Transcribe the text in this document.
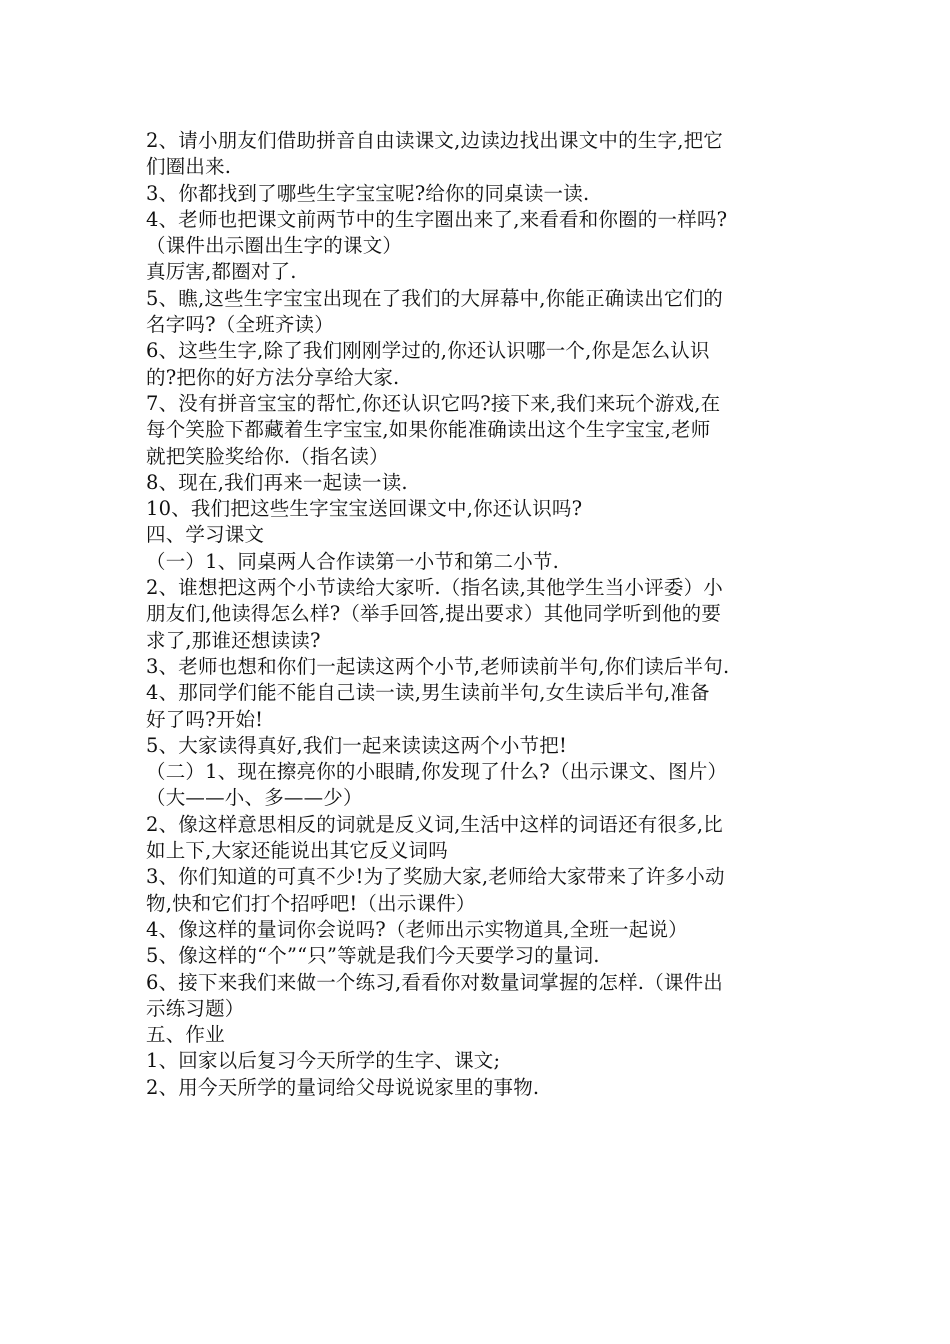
2、请小朋友们借助拼音自由读课文,边读边找出课文中的生字,把它
们圈出来.
3、你都找到了哪些生字宝宝呢?给你的同桌读一读.
4、老师也把课文前两节中的生字圈出来了,来看看和你圈的一样吗?
（课件出示圈出生字的课文）
真厉害,都圈对了.
5、瞧,这些生字宝宝出现在了我们的大屏幕中,你能正确读出它们的
名字吗?（全班齐读）
6、这些生字,除了我们刚刚学过的,你还认识哪一个,你是怎么认识
的?把你的好方法分享给大家.
7、没有拼音宝宝的帮忙,你还认识它吗?接下来,我们来玩个游戏,在
每个笑脸下都藏着生字宝宝,如果你能准确读出这个生字宝宝,老师
就把笑脸奖给你.（指名读）
8、现在,我们再来一起读一读.
10、我们把这些生字宝宝送回课文中,你还认识吗?
四、学习课文
（一）1、同桌两人合作读第一小节和第二小节.
2、谁想把这两个小节读给大家听.（指名读,其他学生当小评委）小
朋友们,他读得怎么样?（举手回答,提出要求）其他同学听到他的要
求了,那谁还想读读?
3、老师也想和你们一起读这两个小节,老师读前半句,你们读后半句.
4、那同学们能不能自己读一读,男生读前半句,女生读后半句,准备
好了吗?开始!
5、大家读得真好,我们一起来读读这两个小节把!
（二）1、现在擦亮你的小眼睛,你发现了什么?（出示课文、图片）
（大——小、多——少）
2、像这样意思相反的词就是反义词,生活中这样的词语还有很多,比
如上下,大家还能说出其它反义词吗
3、你们知道的可真不少!为了奖励大家,老师给大家带来了许多小动
物,快和它们打个招呼吧!（出示课件）
4、像这样的量词你会说吗?（老师出示实物道具,全班一起说）
5、像这样的“个”“只”等就是我们今天要学习的量词.
6、接下来我们来做一个练习,看看你对数量词掌握的怎样.（课件出
示练习题）
五、作业
1、回家以后复习今天所学的生字、课文;
2、用今天所学的量词给父母说说家里的事物.
